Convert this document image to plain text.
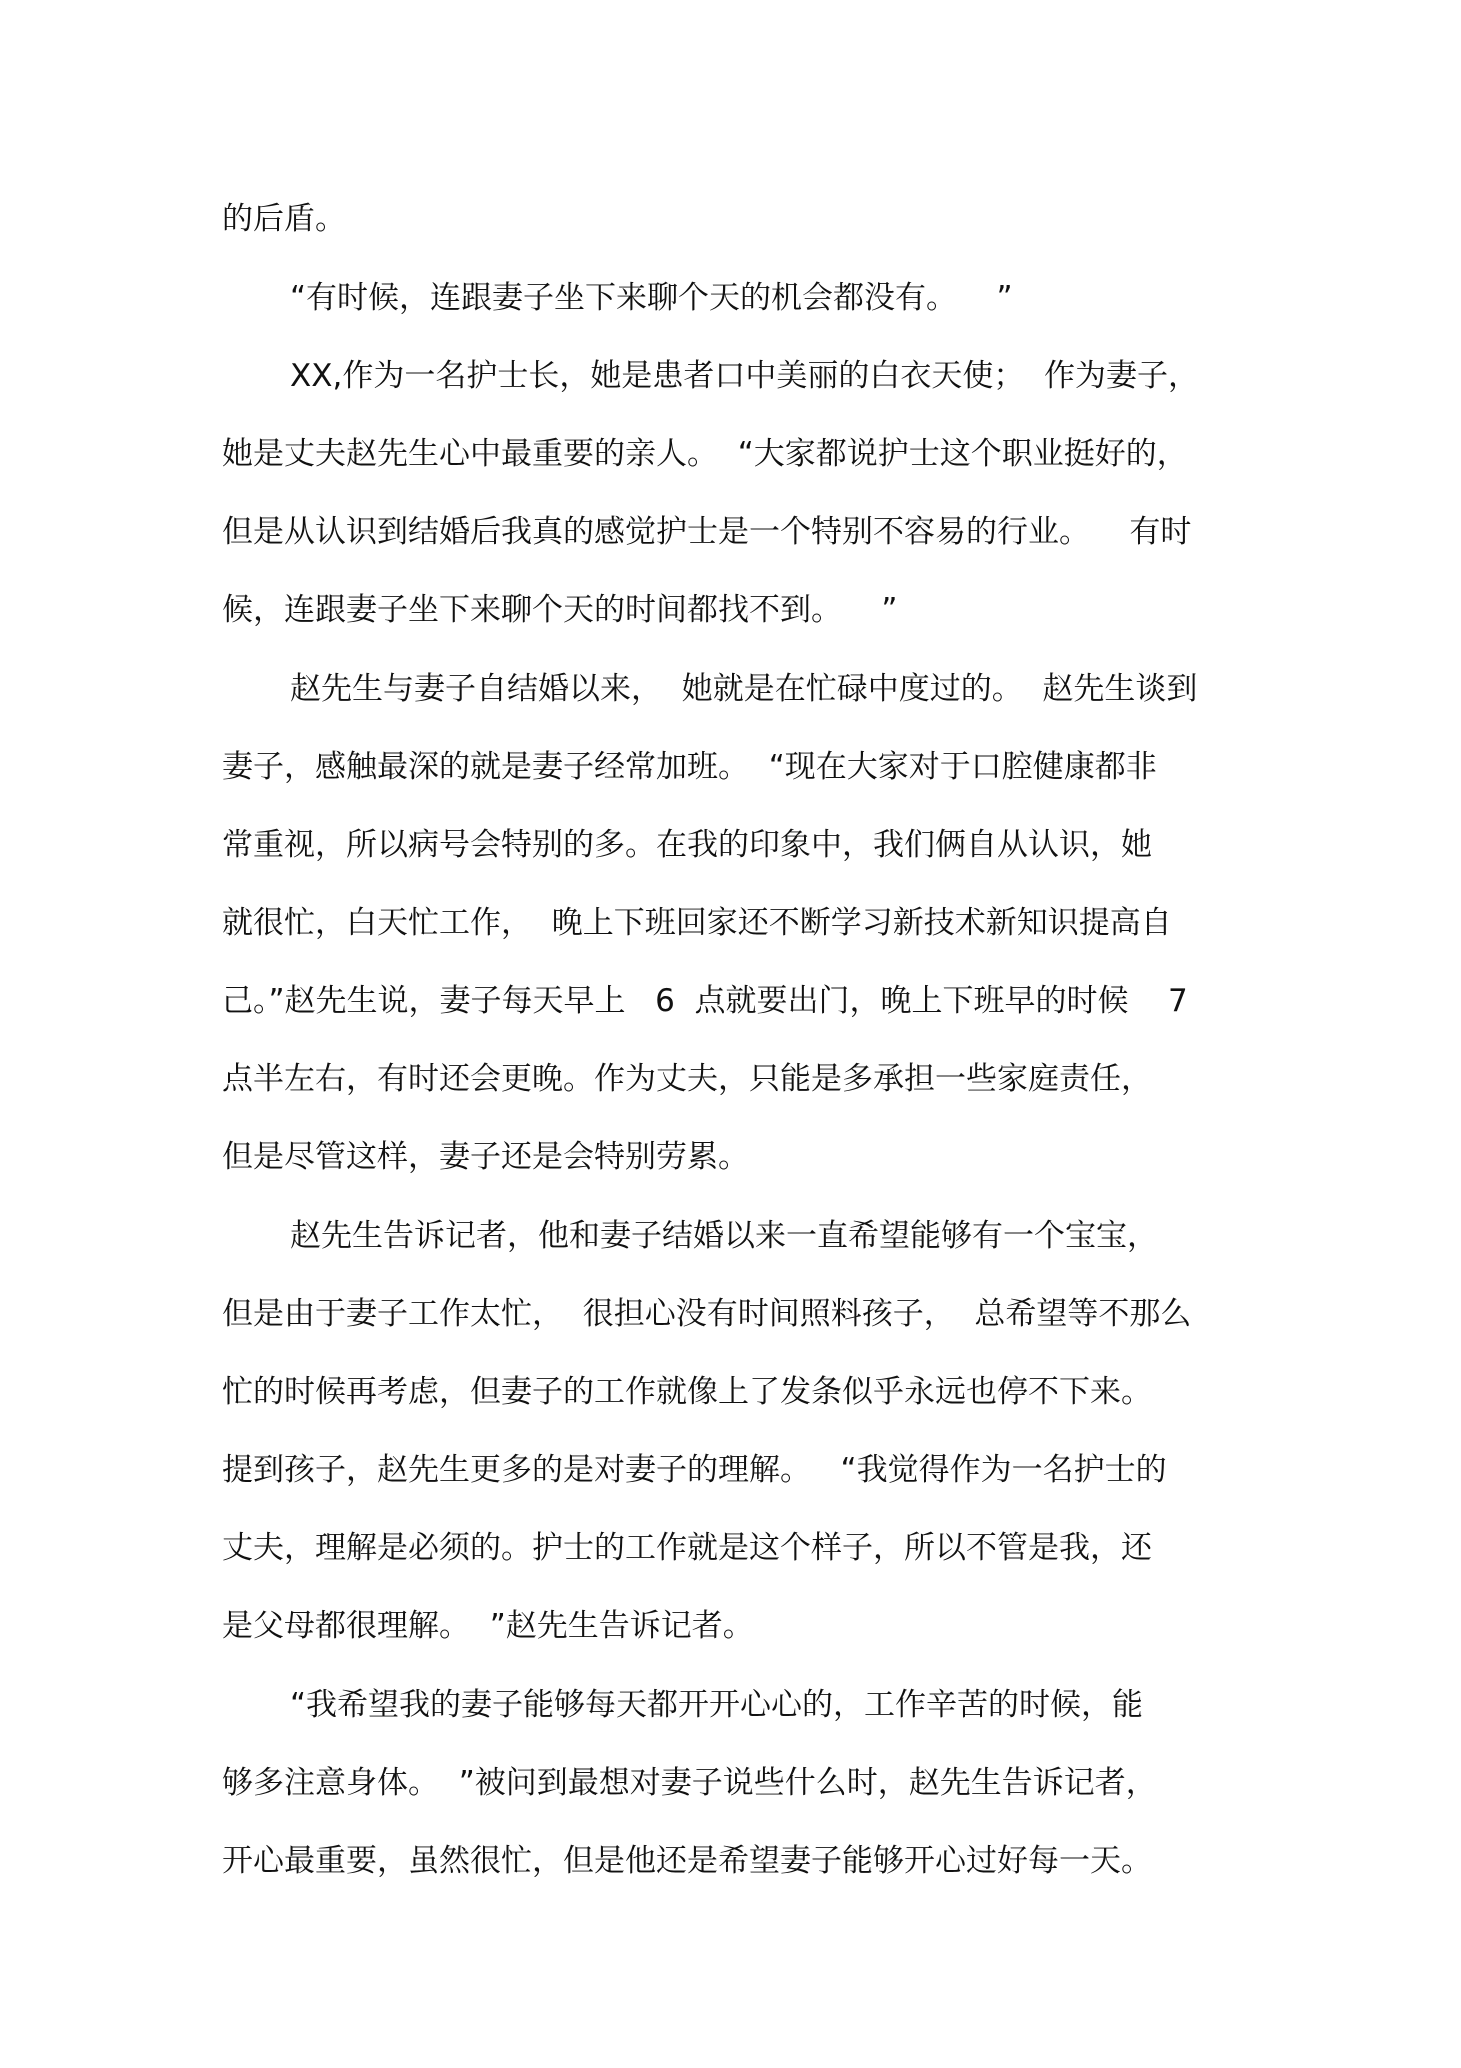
的后盾。

“有时候，连跟妻子坐下来聊个天的机会都没有。    ”

XX,作为一名护士长，她是患者口中美丽的白衣天使；  作为妻子，

她是丈夫赵先生心中最重要的亲人。  “大家都说护士这个职业挺好的，

但是从认识到结婚后我真的感觉护士是一个特别不容易的行业。    有时

候，连跟妻子坐下来聊个天的时间都找不到。    ”

赵先生与妻子自结婚以来，  她就是在忙碌中度过的。  赵先生谈到

妻子，感触最深的就是妻子经常加班。  “现在大家对于口腔健康都非

常重视，所以病号会特别的多。在我的印象中，我们俩自从认识，她

就很忙，白天忙工作，  晚上下班回家还不断学习新技术新知识提高自

己。”赵先生说，妻子每天早上   6  点就要出门，晚上下班早的时候    7

点半左右，有时还会更晚。作为丈夫，只能是多承担一些家庭责任，

但是尽管这样，妻子还是会特别劳累。

赵先生告诉记者，他和妻子结婚以来一直希望能够有一个宝宝，

但是由于妻子工作太忙，  很担心没有时间照料孩子，  总希望等不那么

忙的时候再考虑，但妻子的工作就像上了发条似乎永远也停不下来。

提到孩子，赵先生更多的是对妻子的理解。   “我觉得作为一名护士的

丈夫，理解是必须的。护士的工作就是这个样子，所以不管是我，还

是父母都很理解。  ”赵先生告诉记者。

“我希望我的妻子能够每天都开开心心的，工作辛苦的时候，能

够多注意身体。  ”被问到最想对妻子说些什么时，赵先生告诉记者，

开心最重要，虽然很忙，但是他还是希望妻子能够开心过好每一天。
